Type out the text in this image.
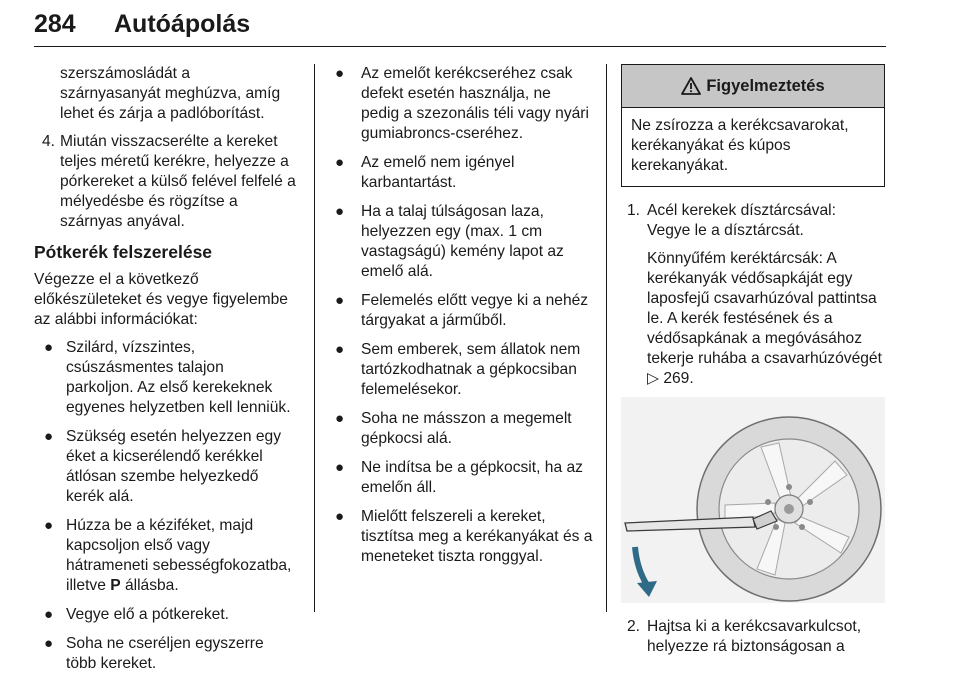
284 Autóápolás

szerszámosládát a

szárnyasanyát meghúzva, amíg

lehet és zárja a padlóborítást.

4. Miután visszacserélte a kereket

teljes méretű kerékre, helyezze a

pórkereket a külső felével felfelé a

mélyedésbe és rögzítse a

szárnyas anyával.

Pótkerék felszerelése

Végezze el a következő

előkészületeket és vegye figyelembe

az alábbi információkat:

● Szilárd, vízszintes,

csúszásmentes talajon

parkoljon. Az első kerekeknek

egyenes helyzetben kell lenniük.

● Szükség esetén helyezzen egy

éket a kicserélendő kerékkel

átlósan szembe helyezkedő

kerék alá.

● Húzza be a kéziféket, majd

kapcsoljon első vagy

hátrameneti sebességfokozatba,

illetve P állásba.

● Vegye elő a pótkereket.

● Soha ne cseréljen egyszerre

több kereket.

● Az emelőt kerékcseréhez csak

defekt esetén használja, ne

pedig a szezonális téli vagy nyári

gumiabroncs-cseréhez.

● Az emelő nem igényel

karbantartást.

● Ha a talaj túlságosan laza,

helyezzen egy (max. 1 cm

vastagságú) kemény lapot az

emelő alá.

● Felemelés előtt vegye ki a nehéz

tárgyakat a járműből.

● Sem emberek, sem állatok nem

tartózkodhatnak a gépkocsiban

felemelésekor.

● Soha ne másszon a megemelt

gépkocsi alá.

● Ne indítsa be a gépkocsit, ha az

emelőn áll.

● Mielőtt felszereli a kereket,

tisztítsa meg a kerékanyákat és a

meneteket tiszta ronggyal.

Figyelmeztetés

Ne zsírozza a kerékcsavarokat,

kerékanyákat és kúpos

kerekanyákat.

1. Acél kerekek dísztárcsával:

Vegye le a dísztárcsát.

Könnyűfém keréktárcsák: A

kerékanyák védősapkáját egy

laposfejű csavarhúzóval pattintsa

le. A kerék festésének és a

védősapkának a megóvásához

tekerje ruhába a csavarhúzóvégét

▷ 269.

2. Hajtsa ki a kerékcsavarkulcsot,

helyezze rá biztonságosan a
